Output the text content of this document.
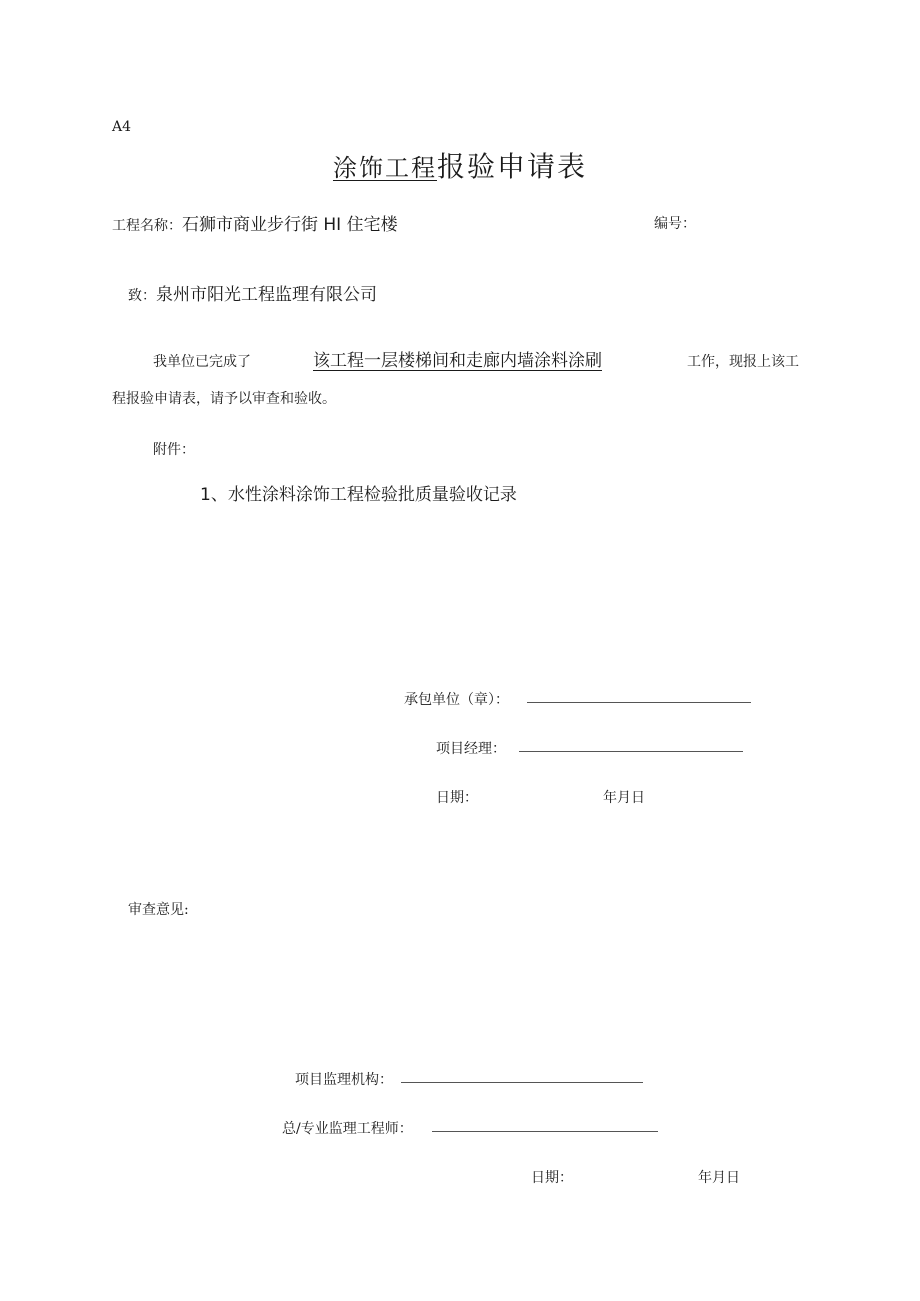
A4
涂饰工程报验申请表
工程名称：石狮市商业步行街 HI 住宅楼	编号：
致：泉州市阳光工程监理有限公司
我单位已完成了	该工程一层楼梯间和走廊内墙涂料涂刷	工作，现报上该工
程报验申请表，请予以审查和验收。
附件：
1、水性涂料涂饰工程检验批质量验收记录
承包单位（章）：
项目经理：
日期：	年月日
审查意见:
项目监理机构：
总/专业监理工程师：
日期：	年月日
